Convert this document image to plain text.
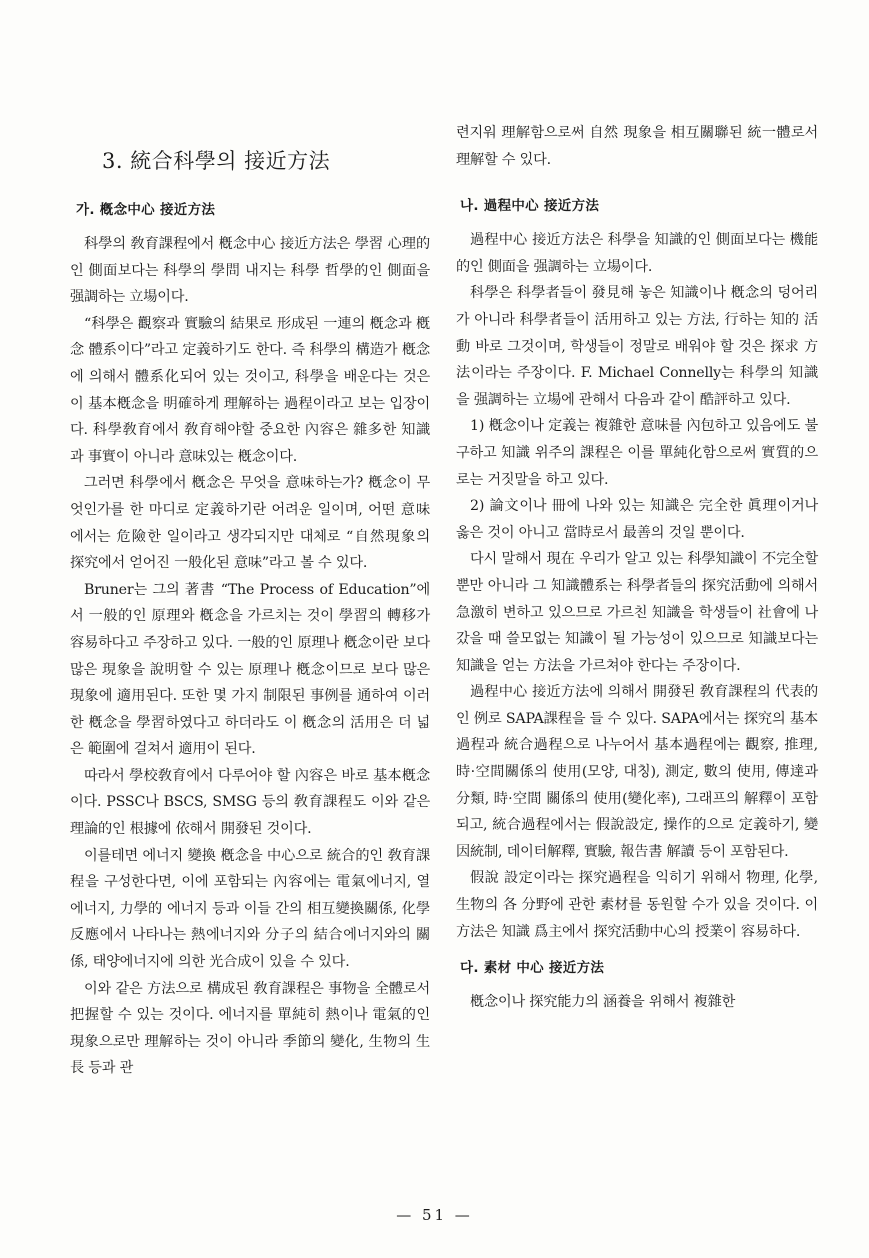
3. 統合科學의 接近方法
가. 槪念中心 接近方法

科學의 敎育課程에서 槪念中心 接近方法은 學習 心理的인 側面보다는 科學의 學問 내지는 科學 哲學的인 側面을 强調하는 立場이다.

“科學은 觀察과 實驗의 結果로 形成된 一連의 槪念과 槪念 體系이다”라고 定義하기도 한다. 즉 科學의 構造가 槪念에 의해서 體系化되어 있는 것이고, 科學을 배운다는 것은 이 基本槪念을 明確하게 理解하는 過程이라고 보는 입장이다. 科學敎育에서 敎育해야할 중요한 內容은 雜多한 知識과 事實이 아니라 意味있는 槪念이다.

그러면 科學에서 槪念은 무엇을 意味하는가? 槪念이 무엇인가를 한 마디로 定義하기란 어려운 일이며, 어떤 意味에서는 危險한 일이라고 생각되지만 대체로 “自然現象의 探究에서 얻어진 一般化된 意味”라고 볼 수 있다.

Bruner는 그의 著書 “The Process of Education”에서 一般的인 原理와 槪念을 가르치는 것이 學習의 轉移가 容易하다고 주장하고 있다. 一般的인 原理나 槪念이란 보다 많은 現象을 說明할 수 있는 原理나 槪念이므로 보다 많은 現象에 適用된다. 또한 몇 가지 制限된 事例를 通하여 이러한 槪念을 學習하였다고 하더라도 이 槪念의 活用은 더 넓은 範圍에 걸쳐서 適用이 된다.

따라서 學校敎育에서 다루어야 할 內容은 바로 基本槪念이다. PSSC나 BSCS, SMSG 등의 敎育課程도 이와 같은 理論的인 根據에 依해서 開發된 것이다.

이를테면 에너지 變換 槪念을 中心으로 統合的인 敎育課程을 구성한다면, 이에 포함되는 內容에는 電氣에너지, 열에너지, 力學的 에너지 등과 이들 간의 相互變換關係, 化學反應에서 나타나는 熱에너지와 分子의 結合에너지와의 關係, 태양에너지에 의한 光合成이 있을 수 있다.

이와 같은 方法으로 構成된 敎育課程은 事物을 全體로서 把握할 수 있는 것이다. 에너지를 單純히 熱이나 電氣的인 現象으로만 理解하는 것이 아니라 季節의 變化, 生物의 生長 등과 관

련지워 理解함으로써 自然 現象을 相互關聯된 統一體로서 理解할 수 있다.

나. 過程中心 接近方法

過程中心 接近方法은 科學을 知識的인 側面보다는 機能的인 側面을 强調하는 立場이다.

科學은 科學者들이 發見해 놓은 知識이나 槪念의 덩어리가 아니라 科學者들이 活用하고 있는 方法, 行하는 知的 活動 바로 그것이며, 학생들이 정말로 배워야 할 것은 探求 方法이라는 주장이다. F. Michael Connelly는 科學의 知識을 强調하는 立場에 관해서 다음과 같이 酷評하고 있다.

1) 槪念이나 定義는 複雜한 意味를 內包하고 있음에도 불구하고 知識 위주의 課程은 이를 單純化함으로써 實質的으로는 거짓말을 하고 있다.

2) 論文이나 冊에 나와 있는 知識은 完全한 眞理이거나 옳은 것이 아니고 當時로서 最善의 것일 뿐이다.

다시 말해서 現在 우리가 알고 있는 科學知識이 不完全할 뿐만 아니라 그 知識體系는 科學者들의 探究活動에 의해서 急激히 변하고 있으므로 가르친 知識을 학생들이 社會에 나갔을 때 쓸모없는 知識이 될 가능성이 있으므로 知識보다는 知識을 얻는 方法을 가르쳐야 한다는 주장이다.

過程中心 接近方法에 의해서 開發된 敎育課程의 代表的인 例로 SAPA課程을 들 수 있다. SAPA에서는 探究의 基本過程과 統合過程으로 나누어서 基本過程에는 觀察, 推理, 時·空間關係의 使用(모양, 대칭), 測定, 數의 使用, 傳達과 分類, 時·空間 關係의 使用(變化率), 그래프의 解釋이 포함되고, 統合過程에서는 假說設定, 操作的으로 定義하기, 變因統制, 데이터解釋, 實驗, 報告書 解讀 등이 포함된다.

假說 設定이라는 探究過程을 익히기 위해서 物理, 化學, 生物의 各 分野에 관한 素材를 동원할 수가 있을 것이다. 이 方法은 知識 爲主에서 探究活動中心의 授業이 容易하다.

다. 素材 中心 接近方法

槪念이나 探究能力의 涵養을 위해서 複雜한

— 51 —
